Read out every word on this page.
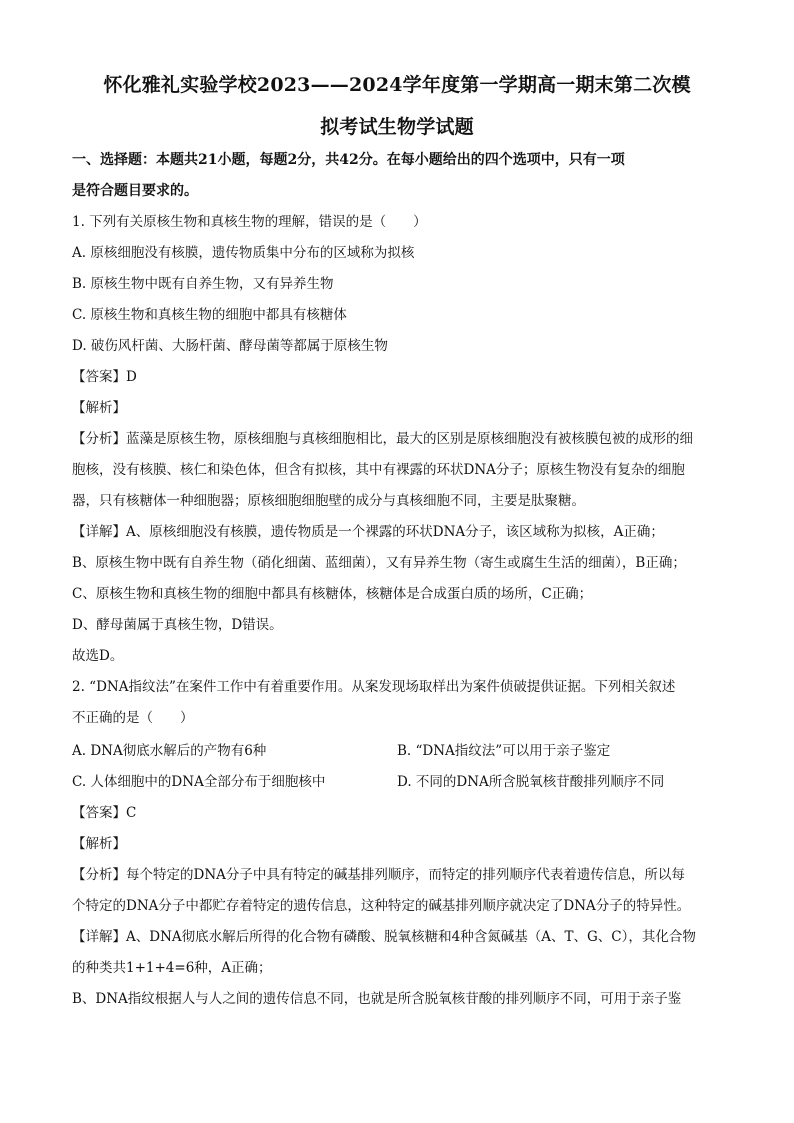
怀化雅礼实验学校2023——2024学年度第一学期高一期末第二次模
拟考试生物学试题
一、选择题：本题共21小题，每题2分，共42分。在每小题给出的四个选项中，只有一项
是符合题目要求的。
1. 下列有关原核生物和真核生物的理解，错误的是（　　）
A. 原核细胞没有核膜，遗传物质集中分布的区域称为拟核
B. 原核生物中既有自养生物，又有异养生物
C. 原核生物和真核生物的细胞中都具有核糖体
D. 破伤风杆菌、大肠杆菌、酵母菌等都属于原核生物
【答案】D
【解析】
【分析】蓝藻是原核生物，原核细胞与真核细胞相比，最大的区别是原核细胞没有被核膜包被的成形的细
胞核，没有核膜、核仁和染色体，但含有拟核，其中有裸露的环状DNA分子；原核生物没有复杂的细胞
器，只有核糖体一种细胞器；原核细胞细胞壁的成分与真核细胞不同，主要是肽聚糖。
【详解】A、原核细胞没有核膜，遗传物质是一个裸露的环状DNA分子，该区域称为拟核，A正确；
B、原核生物中既有自养生物（硝化细菌、蓝细菌），又有异养生物（寄生或腐生生活的细菌），B正确；
C、原核生物和真核生物的细胞中都具有核糖体，核糖体是合成蛋白质的场所，C正确；
D、酵母菌属于真核生物，D错误。
故选D。
2. “DNA指纹法”在案件工作中有着重要作用。从案发现场取样出为案件侦破提供证据。下列相关叙述
不正确的是（　　）
A. DNA彻底水解后的产物有6种	B. “DNA指纹法”可以用于亲子鉴定
C. 人体细胞中的DNA全部分布于细胞核中	D. 不同的DNA所含脱氧核苷酸排列顺序不同
【答案】C
【解析】
【分析】每个特定的DNA分子中具有特定的碱基排列顺序，而特定的排列顺序代表着遗传信息，所以每
个特定的DNA分子中都贮存着特定的遗传信息，这种特定的碱基排列顺序就决定了DNA分子的特异性。
【详解】A、DNA彻底水解后所得的化合物有磷酸、脱氧核糖和4种含氮碱基（A、T、G、C），其化合物
的种类共1+1+4=6种，A正确；
B、DNA指纹根据人与人之间的遗传信息不同，也就是所含脱氧核苷酸的排列顺序不同，可用于亲子鉴
